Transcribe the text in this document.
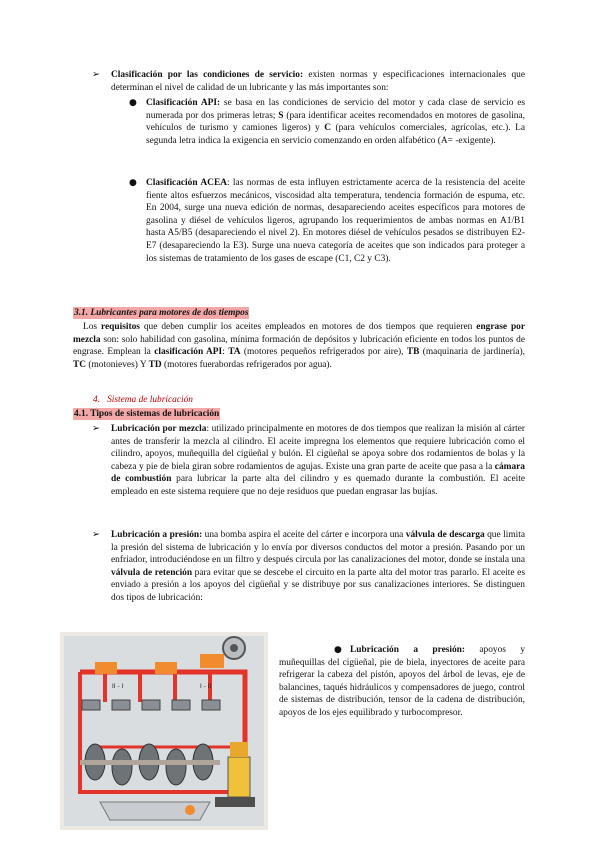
➢ Clasificación por las condiciones de servicio: existen normas y especificaciones internacionales que determinan el nivel de calidad de un lubricante y las más importantes son:

● Clasificación API: se basa en las condiciones de servicio del motor y cada clase de servicio es numerada por dos primeras letras; S (para identificar aceites recomendados en motores de gasolina, vehículos de turismo y camiones ligeros) y C (para vehículos comerciales, agrícolas, etc.). La segunda letra indica la exigencia en servicio comenzando en orden alfabético (A= -exigente).

● Clasificación ACEA: las normas de esta influyen estrictamente acerca de la resistencia del aceite fiente altos esfuerzos mecánicos, viscosidad alta temperatura, tendencia formación de espuma, etc. En 2004, surge una nueva edición de normas, desapareciendo aceites específicos para motores de gasolina y diésel de vehículos ligeros, agrupando los requerimientos de ambas normas en A1/B1 hasta A5/B5 (desapareciendo el nivel 2). En motores diésel de vehículos pesados se distribuyen E2-E7 (desapareciendo la E3). Surge una nueva categoría de aceites que son indicados para proteger a los sistemas de tratamiento de los gases de escape (C1, C2 y C3).

3.1. Lubricantes para motores de dos tiempos

Los requisitos que deben cumplir los aceites empleados en motores de dos tiempos que requieren engrase por mezcla son: solo habilidad con gasolina, mínima formación de depósitos y lubricación eficiente en todos los puntos de engrase. Emplean la clasificación API: TA (motores pequeños refrigerados por aire), TB (maquinaria de jardinería), TC (motonieves) Y TD (motores fuerabordas refrigerados por agua).

4.   Sistema de lubricación
4.1. Tipos de sistemas de lubricación
➢ Lubricación por mezcla: utilizado principalmente en motores de dos tiempos que realizan la misión al cárter antes de transferir la mezcla al cilindro. El aceite impregna los elementos que requiere lubricación como el cilindro, apoyos, muñequilla del cigüeñal y bulón. El cigüeñal se apoya sobre dos rodamientos de bolas y la cabeza y pie de biela giran sobre rodamientos de agujas. Existe una gran parte de aceite que pasa a la cámara de combustión para lubricar la parte alta del cilindro y es quemado durante la combustión. El aceite empleado en este sistema requiere que no deje residuos que puedan engrasar las bujías.

➢ Lubricación a presión: una bomba aspira el aceite del cárter e incorpora una válvula de descarga que limita la presión del sistema de lubricación y lo envía por diversos conductos del motor a presión. Pasando por un enfriador, introduciéndose en un filtro y después circula por las canalizaciones del motor, donde se instala una válvula de retención para evitar que se descebe el circuito en la parte alta del motor tras pararlo. El aceite es enviado a presión a los apoyos del cigüeñal y se distribuye por sus canalizaciones interiores. Se distinguen dos tipos de lubricación:

II - I	I - II
● Lubricación a presión: apoyos y muñequillas del cigüeñal, pie de biela, inyectores de aceite para refrigerar la cabeza del pistón, apoyos del árbol de levas, eje de balancines, taqués hidráulicos y compensadores de juego, control de sistemas de distribución, tensor de la cadena de distribución, apoyos de los ejes equilibrado y turbocompresor.
